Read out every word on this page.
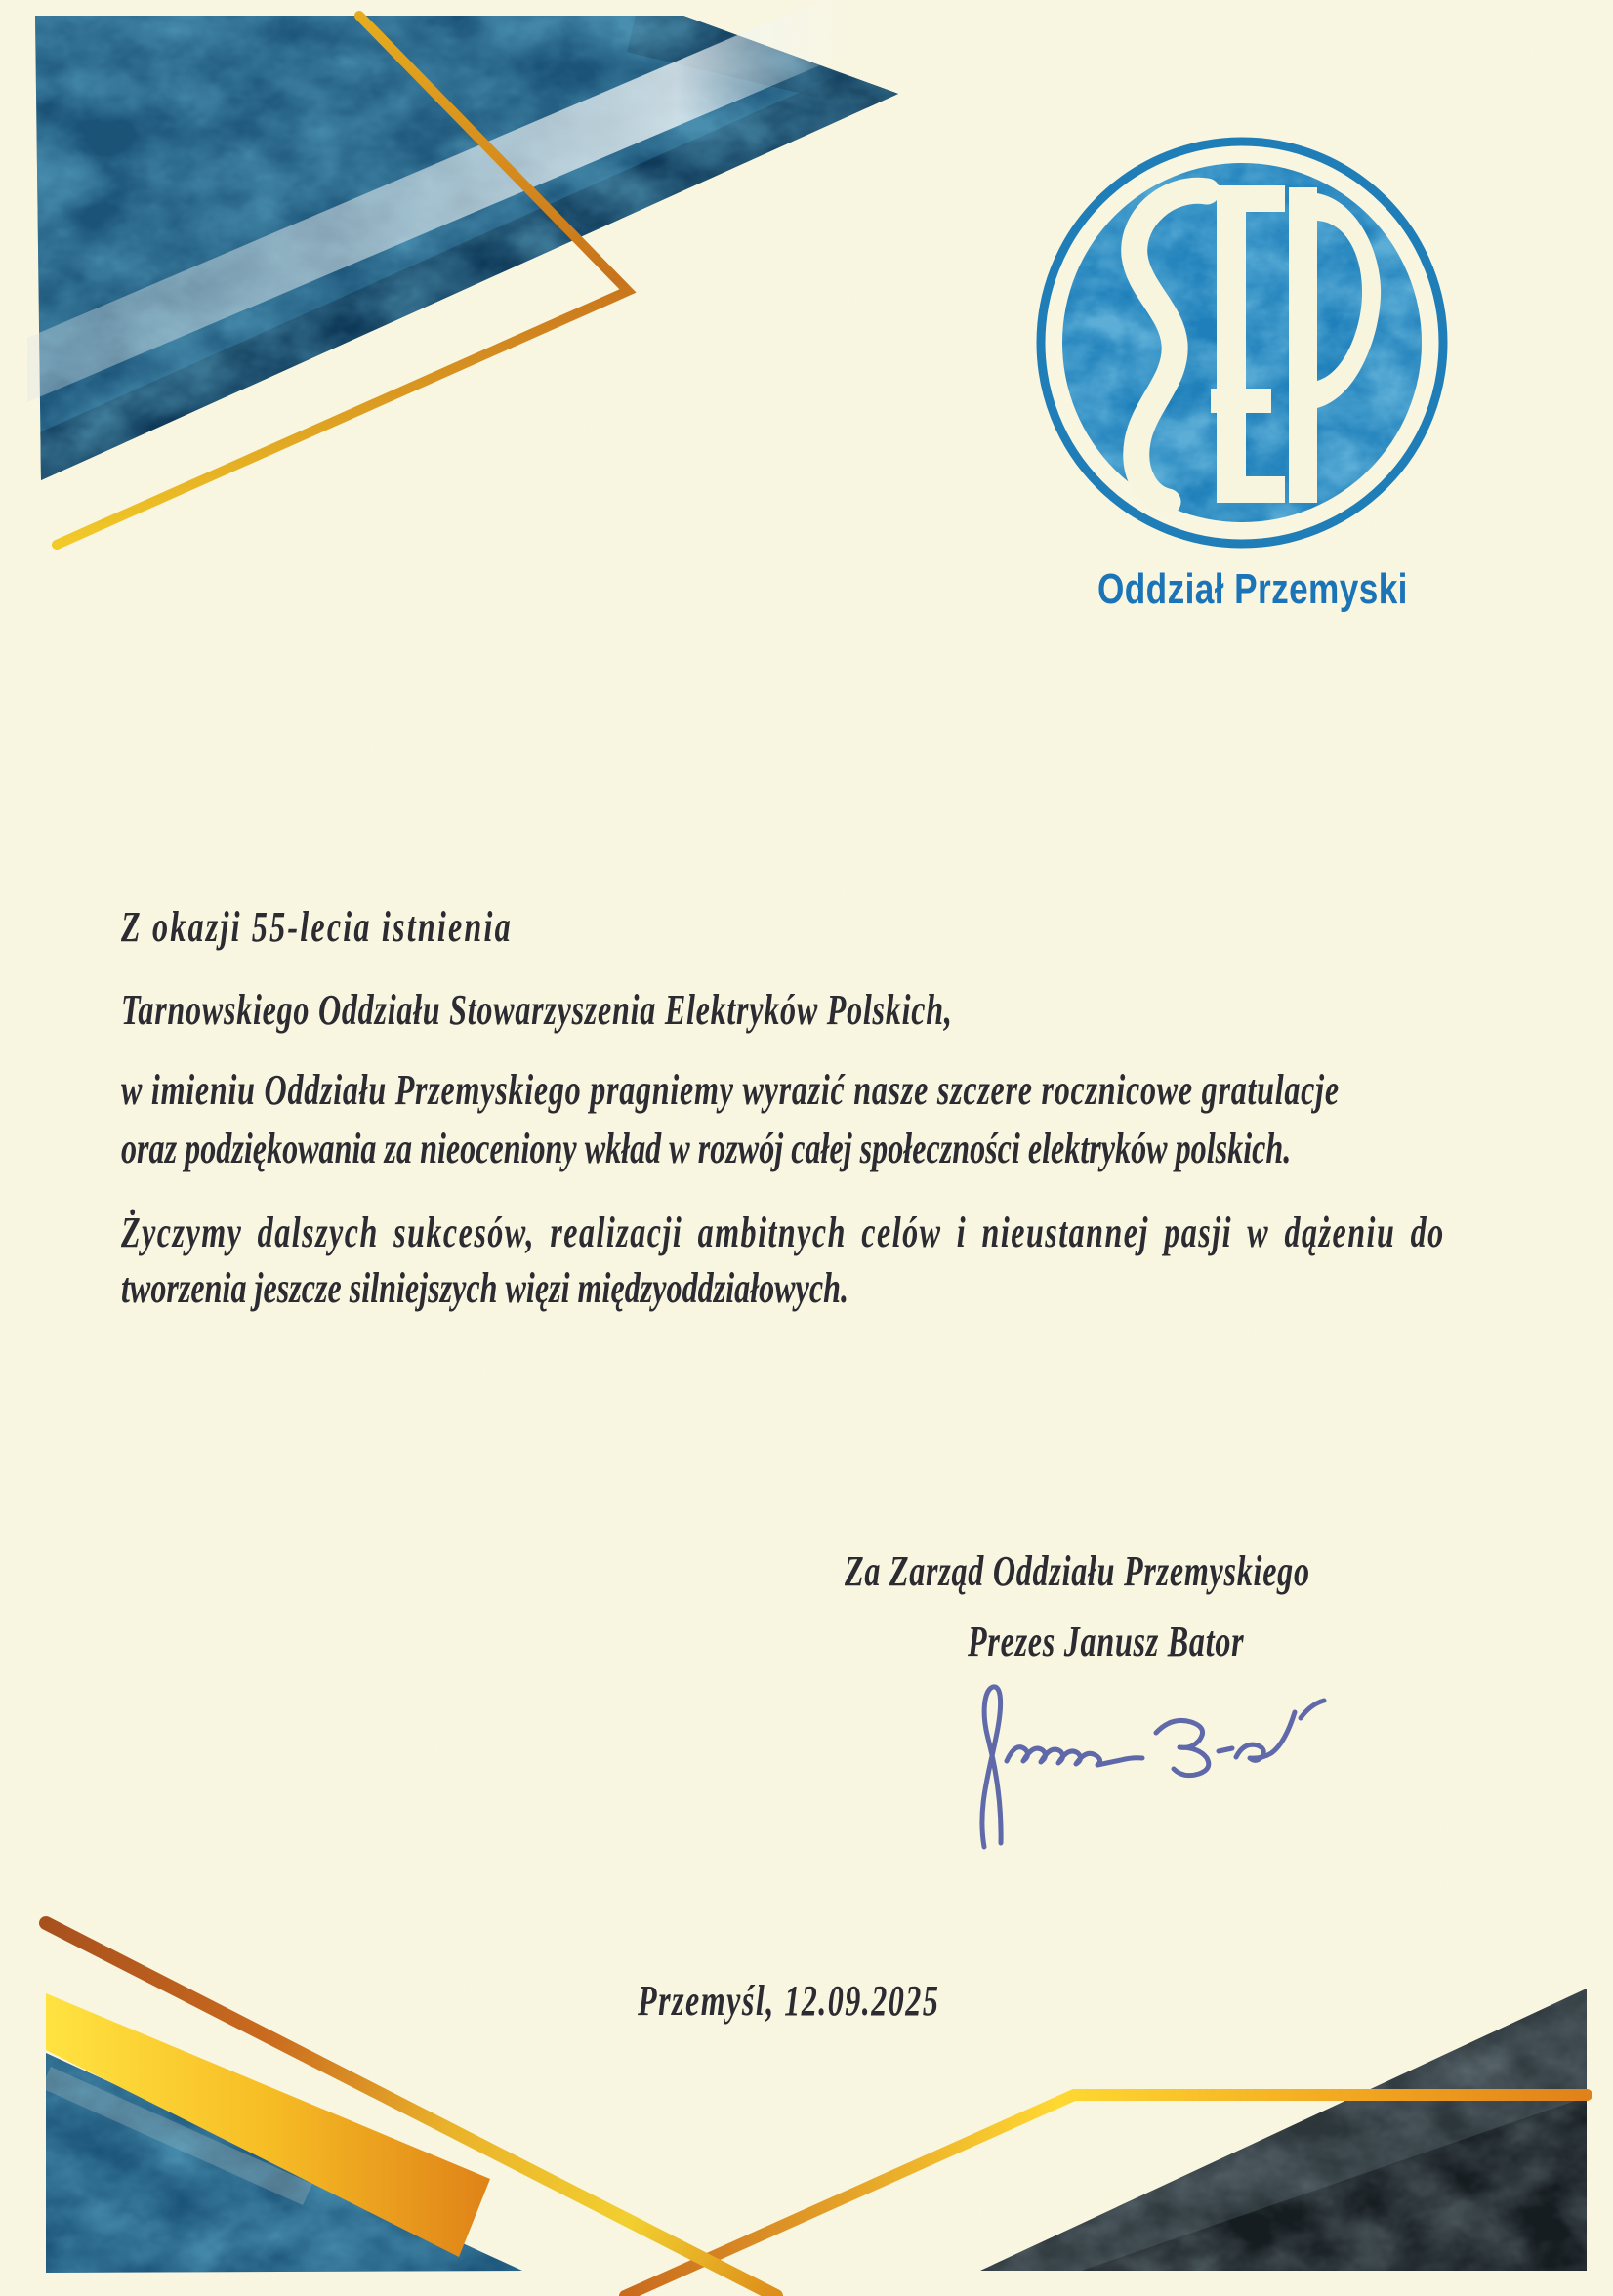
Oddział Przemyski
Z okazji 55-lecia istnienia
Tarnowskiego Oddziału Stowarzyszenia Elektryków Polskich,
w imieniu Oddziału Przemyskiego pragniemy wyrazić nasze szczere rocznicowe gratulacje
oraz podziękowania za nieoceniony wkład w rozwój całej społeczności elektryków polskich.
Życzymy dalszych sukcesów, realizacji ambitnych celów i nieustannej pasji w dążeniu do
tworzenia jeszcze silniejszych więzi międzyoddziałowych.
Za Zarząd Oddziału Przemyskiego
Prezes Janusz Bator
Przemyśl, 12.09.2025
